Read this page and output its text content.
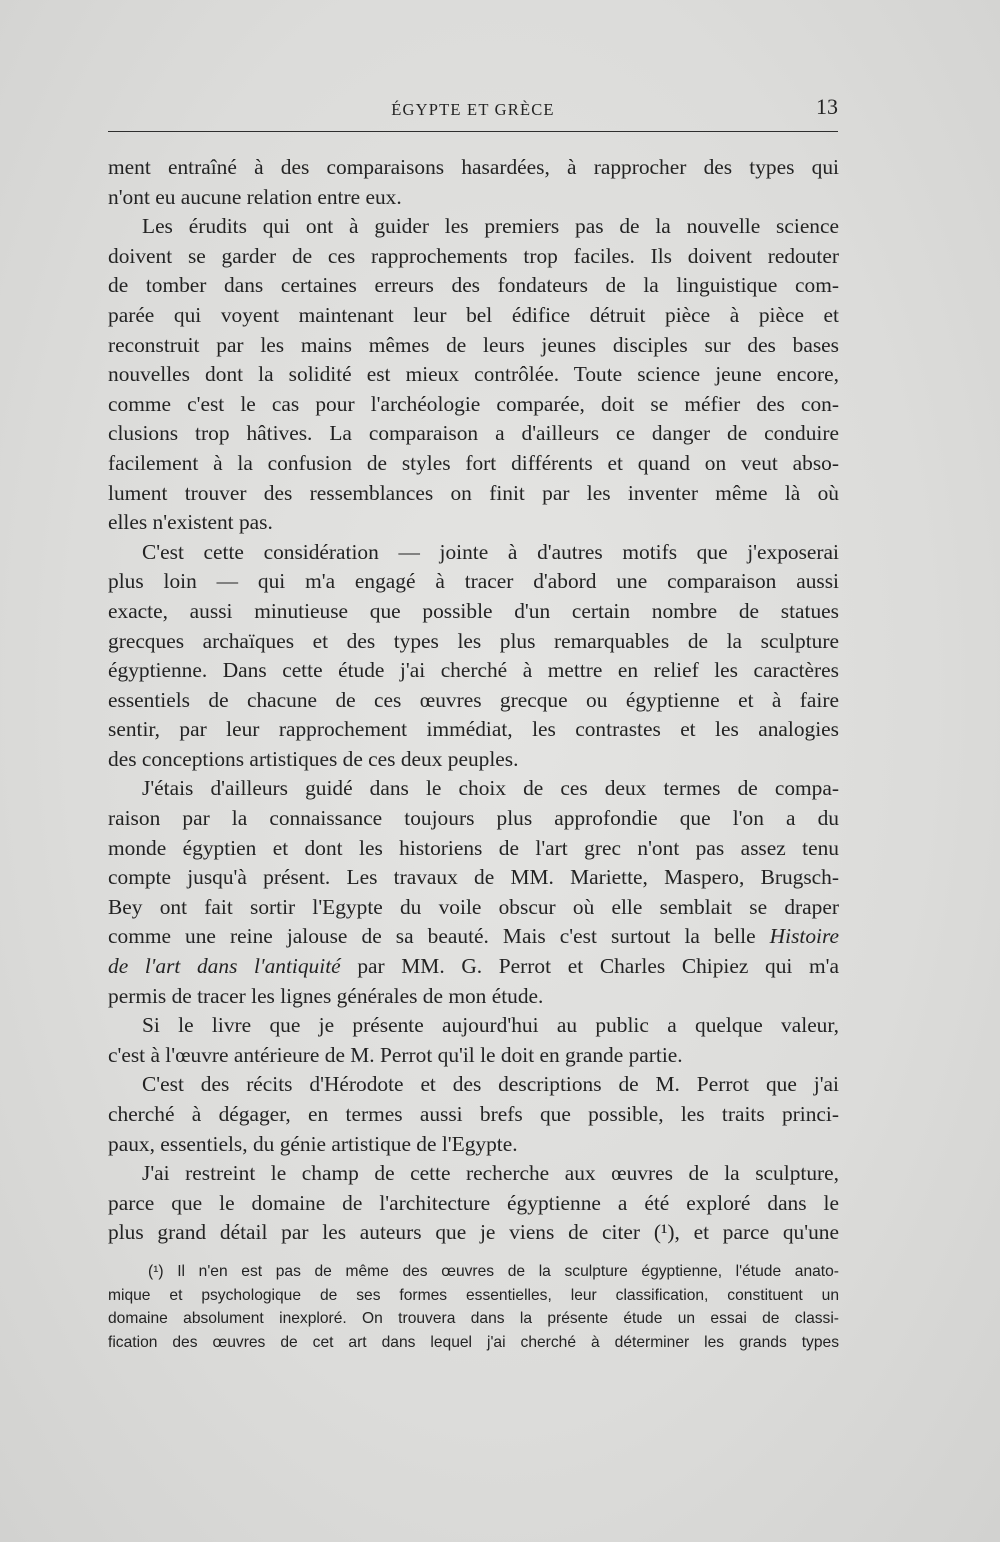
ÉGYPTE ET GRÈCE	13
ment entraîné à des comparaisons hasardées, à rapprocher des types qui
n'ont eu aucune relation entre eux.
Les érudits qui ont à guider les premiers pas de la nouvelle science
doivent se garder de ces rapprochements trop faciles. Ils doivent redouter
de tomber dans certaines erreurs des fondateurs de la linguistique com-
parée qui voyent maintenant leur bel édifice détruit pièce à pièce et
reconstruit par les mains mêmes de leurs jeunes disciples sur des bases
nouvelles dont la solidité est mieux contrôlée. Toute science jeune encore,
comme c'est le cas pour l'archéologie comparée, doit se méfier des con-
clusions trop hâtives. La comparaison a d'ailleurs ce danger de conduire
facilement à la confusion de styles fort différents et quand on veut abso-
lument trouver des ressemblances on finit par les inventer même là où
elles n'existent pas.
C'est cette considération — jointe à d'autres motifs que j'exposerai
plus loin — qui m'a engagé à tracer d'abord une comparaison aussi
exacte, aussi minutieuse que possible d'un certain nombre de statues
grecques archaïques et des types les plus remarquables de la sculpture
égyptienne. Dans cette étude j'ai cherché à mettre en relief les caractères
essentiels de chacune de ces œuvres grecque ou égyptienne et à faire
sentir, par leur rapprochement immédiat, les contrastes et les analogies
des conceptions artistiques de ces deux peuples.
J'étais d'ailleurs guidé dans le choix de ces deux termes de compa-
raison par la connaissance toujours plus approfondie que l'on a du
monde égyptien et dont les historiens de l'art grec n'ont pas assez tenu
compte jusqu'à présent. Les travaux de MM. Mariette, Maspero, Brugsch-
Bey ont fait sortir l'Egypte du voile obscur où elle semblait se draper
comme une reine jalouse de sa beauté. Mais c'est surtout la belle Histoire
de l'art dans l'antiquité par MM. G. Perrot et Charles Chipiez qui m'a
permis de tracer les lignes générales de mon étude.
Si le livre que je présente aujourd'hui au public a quelque valeur,
c'est à l'œuvre antérieure de M. Perrot qu'il le doit en grande partie.
C'est des récits d'Hérodote et des descriptions de M. Perrot que j'ai
cherché à dégager, en termes aussi brefs que possible, les traits princi-
paux, essentiels, du génie artistique de l'Egypte.
J'ai restreint le champ de cette recherche aux œuvres de la sculpture,
parce que le domaine de l'architecture égyptienne a été exploré dans le
plus grand détail par les auteurs que je viens de citer (¹), et parce qu'une
(¹) Il n'en est pas de même des œuvres de la sculpture égyptienne, l'étude anato-
mique et psychologique de ses formes essentielles, leur classification, constituent un
domaine absolument inexploré. On trouvera dans la présente étude un essai de classi-
fication des œuvres de cet art dans lequel j'ai cherché à déterminer les grands types
